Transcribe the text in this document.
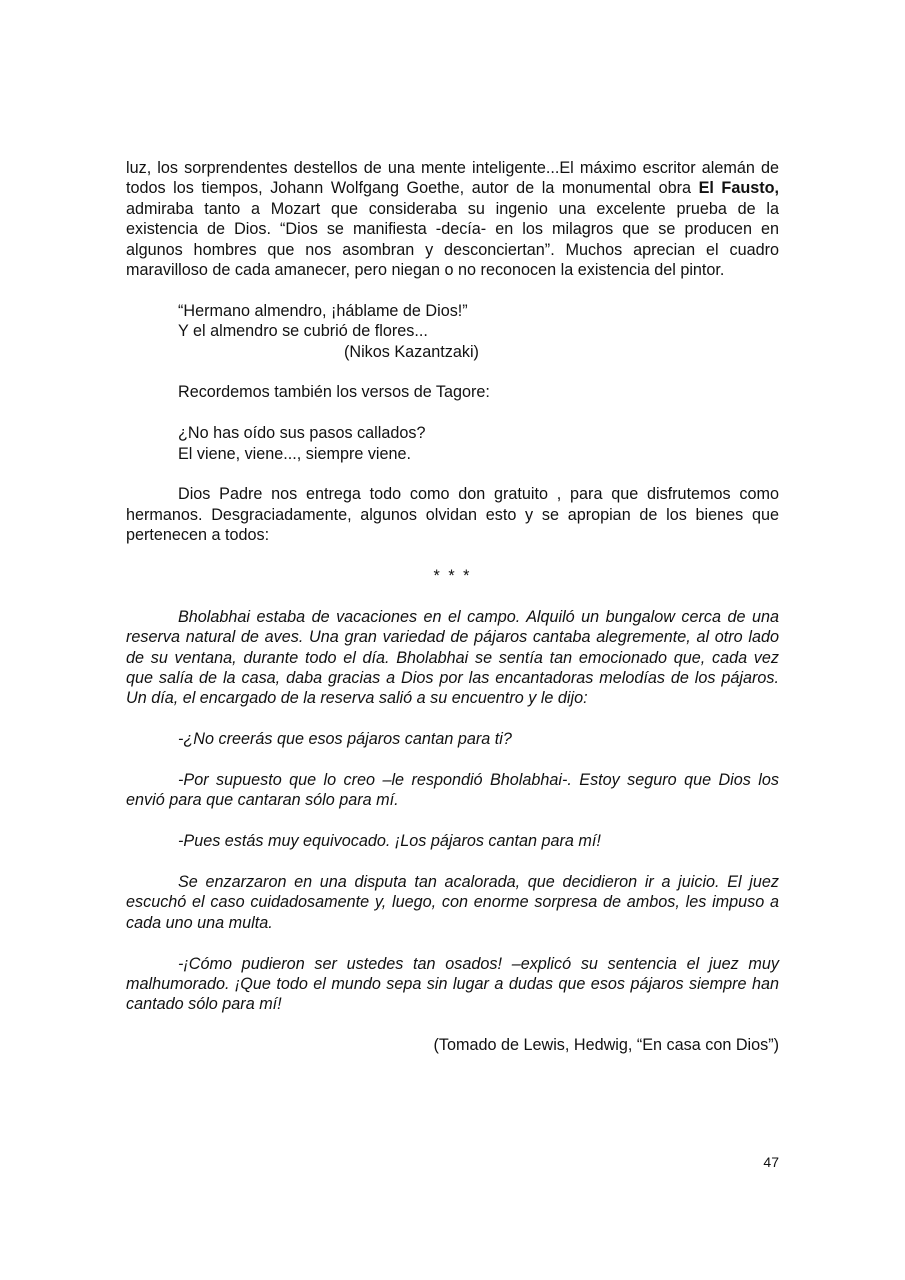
luz, los sorprendentes destellos de una mente inteligente...El máximo escritor alemán de todos los tiempos, Johann Wolfgang Goethe, autor de la monumental obra El Fausto, admiraba tanto a Mozart que consideraba su ingenio una excelente prueba de la existencia de Dios. “Dios se manifiesta -decía- en los milagros que se producen en algunos hombres que nos asombran y desconciertan”. Muchos aprecian el cuadro maravilloso de cada amanecer, pero niegan o no reconocen la existencia del pintor.

“Hermano almendro, ¡háblame de Dios!”
Y el almendro se cubrió de flores...
(Nikos Kazantzaki)

Recordemos también los versos de Tagore:

¿No has oído sus pasos callados?
El viene, viene..., siempre viene.

Dios Padre nos entrega todo como don gratuito , para que disfrutemos como hermanos. Desgraciadamente, algunos olvidan esto y se apropian de los bienes que pertenecen a todos:

* * *

Bholabhai estaba de vacaciones en el campo. Alquiló un bungalow cerca de una reserva natural de aves. Una gran variedad de pájaros cantaba alegremente, al otro lado de su ventana, durante todo el día. Bholabhai se sentía tan emocionado que, cada vez que salía de la casa, daba gracias a Dios por las encantadoras melodías de los pájaros. Un día, el encargado de la reserva salió a su encuentro y le dijo:

-¿No creerás que esos pájaros cantan para ti?

-Por supuesto que lo creo –le respondió Bholabhai-. Estoy seguro que Dios los envió para que cantaran sólo para mí.

-Pues estás muy equivocado. ¡Los pájaros cantan para mí!

Se enzarzaron en una disputa tan acalorada, que decidieron ir a juicio. El juez escuchó el caso cuidadosamente y, luego, con enorme sorpresa de ambos, les impuso a cada uno una multa.

-¡Cómo pudieron ser ustedes tan osados! –explicó su sentencia el juez muy malhumorado. ¡Que todo el mundo sepa sin lugar a dudas que esos pájaros siempre han cantado sólo para mí!

(Tomado de Lewis, Hedwig, “En casa con Dios”)

47
